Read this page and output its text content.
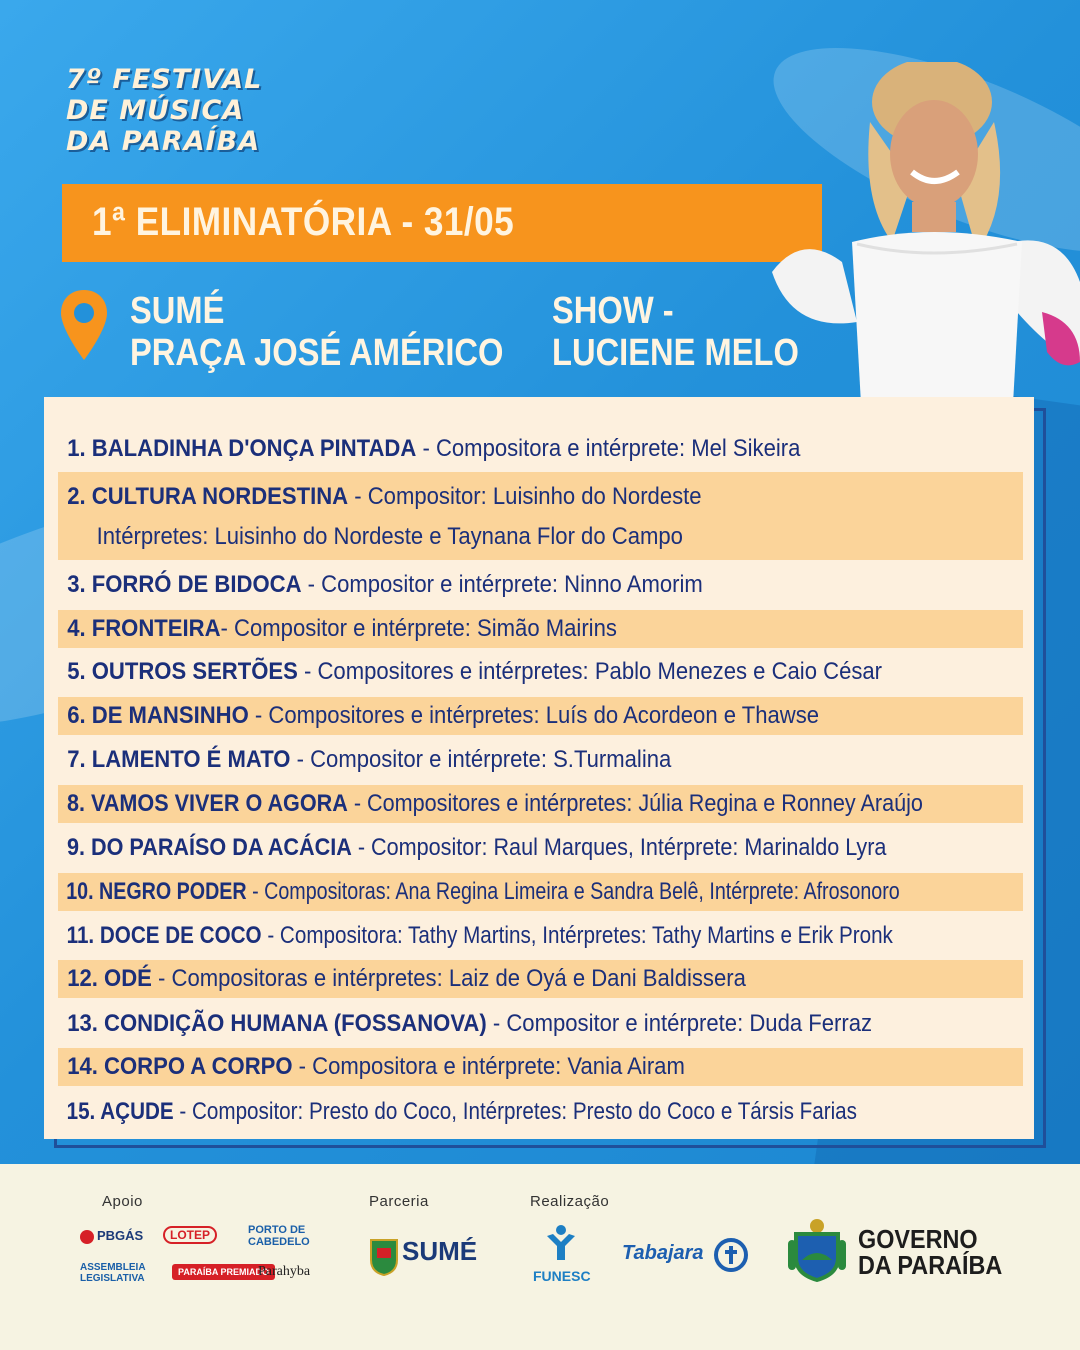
7º FESTIVAL
DE MÚSICA
DA PARAÍBA
1ª ELIMINATÓRIA - 31/05
SUMÉ
PRAÇA JOSÉ AMÉRICO
SHOW -
LUCIENE MELO
1. BALADINHA D'ONÇA PINTADA - Compositora e intérprete: Mel Sikeira
2. CULTURA NORDESTINA - Compositor: Luisinho do Nordeste
Intérpretes: Luisinho do Nordeste e Taynana Flor do Campo
3. FORRÓ DE BIDOCA - Compositor e intérprete: Ninno Amorim
4. FRONTEIRA- Compositor e intérprete: Simão Mairins
5. OUTROS SERTÕES - Compositores e intérpretes: Pablo Menezes e Caio César
6. DE MANSINHO - Compositores e intérpretes: Luís do Acordeon e Thawse
7. LAMENTO É MATO - Compositor e intérprete: S.Turmalina
8. VAMOS VIVER O AGORA - Compositores e intérpretes: Júlia Regina e Ronney Araújo
9. DO PARAÍSO DA ACÁCIA - Compositor: Raul Marques, Intérprete: Marinaldo Lyra
10. NEGRO PODER - Compositoras: Ana Regina Limeira e Sandra Belê, Intérprete: Afrosonoro
11. DOCE DE COCO - Compositora: Tathy Martins, Intérpretes: Tathy Martins e Erik Pronk
12. ODÉ - Compositoras e intérpretes: Laiz de Oyá e Dani Baldissera
13. CONDIÇÃO HUMANA (FOSSANOVA) - Compositor e intérprete: Duda Ferraz
14. CORPO A CORPO - Compositora e intérprete: Vania Airam
15. AÇUDE - Compositor: Presto do Coco, Intérpretes: Presto do Coco e Társis Farias
Apoio	Parceria	Realização
PBGÁS	LOTEP	PORTO DE CABEDELO
ASSEMBLEIA LEGISLATIVA
PARAÍBA PREMIADO
Parahyba
SUMÉ
FUNESC
Tabajara	GOVERNO
DA PARAÍBA
